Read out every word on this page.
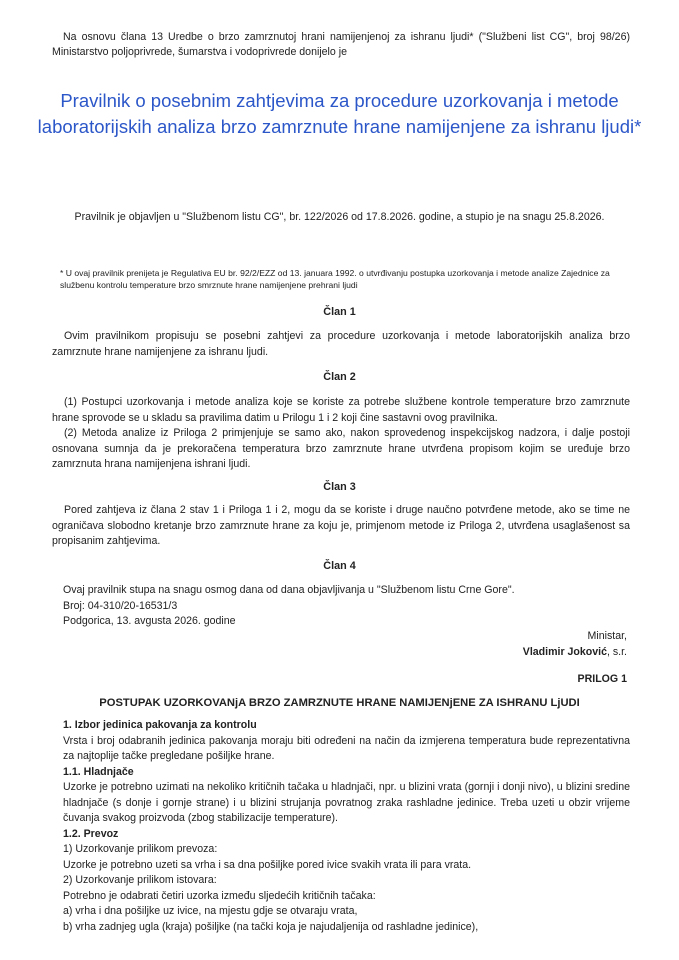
Na osnovu člana 13 Uredbe o brzo zamrznutoj hrani namijenjenoj za ishranu ljudi* ("Službeni list CG", broj 98/26)
Ministarstvo poljoprivrede, šumarstva i vodoprivrede donijelo je
Pravilnik o posebnim zahtjevima za procedure uzorkovanja i metode laboratorijskih analiza brzo zamrznute hrane namijenjene za ishranu ljudi*
Pravilnik je objavljen u "Službenom listu CG", br. 122/2026 od 17.8.2026. godine, a stupio je na snagu 25.8.2026.
* U ovaj pravilnik prenijeta je Regulativa EU br. 92/2/EZZ od 13. januara 1992. o utvrđivanju postupka uzorkovanja i metode analize Zajednice za službenu kontrolu temperature brzo smrznute hrane namijenjene prehrani ljudi
Član 1
Ovim pravilnikom propisuju se posebni zahtjevi za procedure uzorkovanja i metode laboratorijskih analiza brzo zamrznute hrane namijenjene za ishranu ljudi.
Član 2
(1) Postupci uzorkovanja i metode analiza koje se koriste za potrebe službene kontrole temperature brzo zamrznute hrane sprovode se u skladu sa pravilima datim u Prilogu 1 i 2 koji čine sastavni ovog pravilnika.
(2) Metoda analize iz Priloga 2 primjenjuje se samo ako, nakon sprovedenog inspekcijskog nadzora, i dalje postoji osnovana sumnja da je prekoračena temperatura brzo zamrznute hrane utvrđena propisom kojim se uređuje brzo zamrznuta hrana namijenjena ishrani ljudi.
Član 3
Pored zahtjeva iz člana 2 stav 1 i Priloga 1 i 2, mogu da se koriste i druge naučno potvrđene metode, ako se time ne ograničava slobodno kretanje brzo zamrznute hrane za koju je, primjenom metode iz Priloga 2, utvrđena usaglašenost sa propisanim zahtjevima.
Član 4
Ovaj pravilnik stupa na snagu osmog dana od dana objavljivanja u "Službenom listu Crne Gore".
Broj: 04-310/20-16531/3
Podgorica, 13. avgusta 2026. godine
Ministar,
Vladimir Joković, s.r.
PRILOG 1
POSTUPAK UZORKOVANjA BRZO ZAMRZNUTE HRANE NAMIJENjENE ZA ISHRANU LjUDI
1. Izbor jedinica pakovanja za kontrolu
Vrsta i broj odabranih jedinica pakovanja moraju biti određeni na način da izmjerena temperatura bude reprezentativna za najtoplije tačke pregledane pošiljke hrane.
1.1. Hladnjače
Uzorke je potrebno uzimati na nekoliko kritičnih tačaka u hladnjači, npr. u blizini vrata (gornji i donji nivo), u blizini sredine hladnjače (s donje i gornje strane) i u blizini strujanja povratnog zraka rashladne jedinice. Treba uzeti u obzir vrijeme čuvanja svakog proizvoda (zbog stabilizacije temperature).
1.2. Prevoz
1) Uzorkovanje prilikom prevoza:
Uzorke je potrebno uzeti sa vrha i sa dna pošiljke pored ivice svakih vrata ili para vrata.
2) Uzorkovanje prilikom istovara:
Potrebno je odabrati četiri uzorka između sljedećih kritičnih tačaka:
a) vrha i dna pošiljke uz ivice, na mjestu gdje se otvaraju vrata,
b) vrha zadnjeg ugla (kraja) pošiljke (na tački koja je najudaljenija od rashladne jedinice),
